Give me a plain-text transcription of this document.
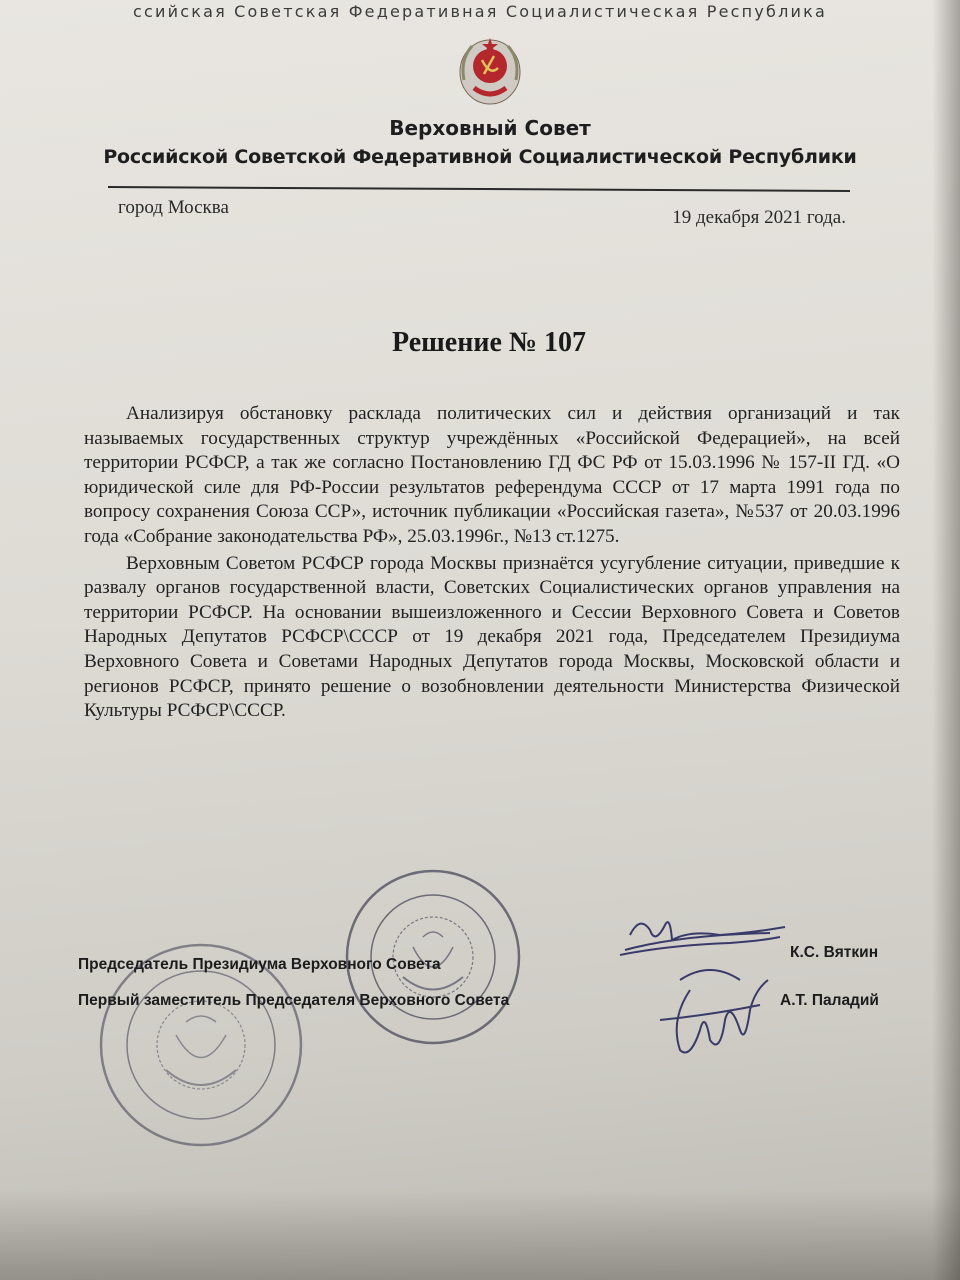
ссийская Советская Федеративная Социалистическая Республика
Верховный Совет
Российской Советской Федеративной Социалистической Республики
город Москва	19 декабря 2021 года.
Решение № 107

Анализируя обстановку расклада политических сил и действия организаций и так называемых государственных структур учреждённых «Российской Федерацией», на всей территории РСФСР, а так же согласно Постановлению ГД ФС РФ от 15.03.1996 № 157-II ГД. «О юридической силе для РФ-России результатов референдума СССР от 17 марта 1991 года по вопросу сохранения Союза ССР», источник публикации «Российская газета», №537 от 20.03.1996 года «Собрание законодательства РФ», 25.03.1996г., №13 ст.1275.

Верховным Советом РСФСР города Москвы признаётся усугубление ситуации, приведшие к развалу органов государственной власти, Советских Социалистических органов управления на территории РСФСР. На основании вышеизложенного и Сессии Верховного Совета и Советов Народных Депутатов РСФСР\СССР от 19 декабря 2021 года, Председателем Президиума Верховного Совета и Советами Народных Депутатов города Москвы, Московской области и регионов РСФСР, принято решение о возобновлении деятельности Министерства Физической Культуры РСФСР\СССР.

Председатель Президиума Верховного Совета
Первый заместитель Председателя Верховного Совета
К.С. Вяткин
А.Т. Паладий
